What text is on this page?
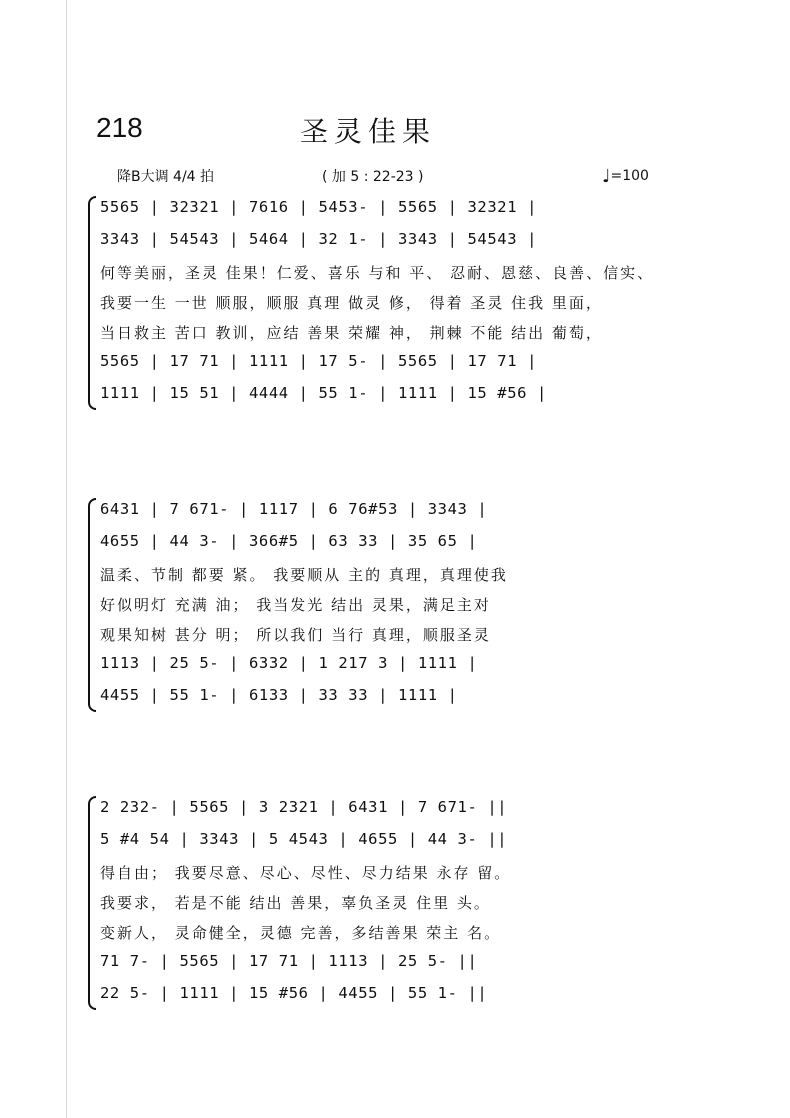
218	圣灵佳果
降B大调 4/4 拍	( 加 5 : 22-23 )	♩=100
5565 | 32321 | 7616 | 5453- | 5565 | 32321 |
3343 | 54543 | 5464 | 32 1- | 3343 | 54543 |
何等美丽，圣灵 佳果！仁爱、喜乐 与和 平、 忍耐、恩慈、良善、信实、
我要一生 一世 顺服，顺服 真理 做灵 修， 得着 圣灵 住我 里面，
当日救主 苦口 教训，应结 善果 荣耀 神， 荆棘 不能 结出 葡萄，
5565 | 17 71 | 1111 | 17 5- | 5565 | 17 71 |
1111 | 15 51 | 4444 | 55 1- | 1111 | 15 #56 |
6431 | 7 671- | 1117 | 6 76#53 | 3343 |
4655 | 44 3- | 366#5 | 63 33 | 35 65 |
温柔、节制 都要 紧。 我要顺从 主的 真理，真理使我
好似明灯 充满 油； 我当发光 结出 灵果，满足主对
观果知树 甚分 明； 所以我们 当行 真理，顺服圣灵
1113 | 25 5- | 6332 | 1 217 3 | 1111 |
4455 | 55 1- | 6133 | 33 33 | 1111 |
2 232- | 5565 | 3 2321 | 6431 | 7 671- ||
5 #4 54 | 3343 | 5 4543 | 4655 | 44 3- ||
得自由； 我要尽意、尽心、尽性、尽力结果 永存 留。
我要求， 若是不能 结出 善果，辜负圣灵 住里 头。
变新人， 灵命健全，灵德 完善，多结善果 荣主 名。
71 7- | 5565 | 17 71 | 1113 | 25 5- ||
22 5- | 1111 | 15 #56 | 4455 | 55 1- ||
